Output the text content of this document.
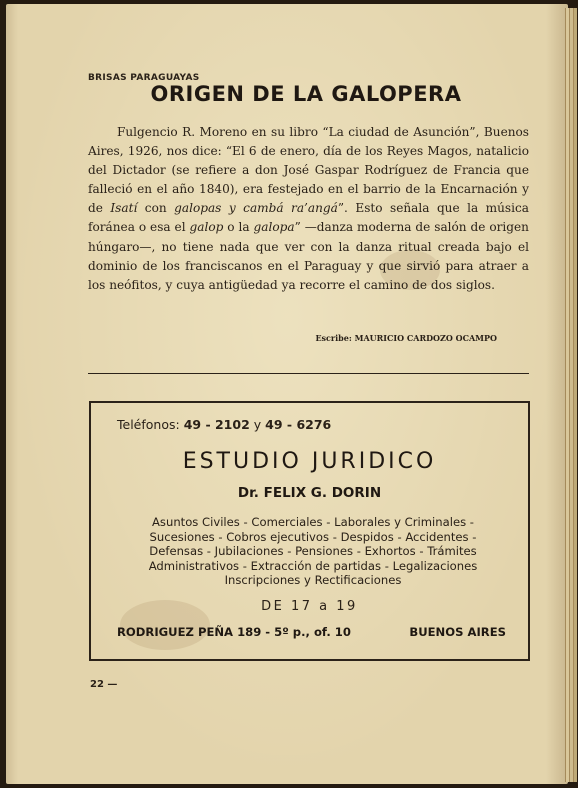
BRISAS PARAGUAYAS
ORIGEN DE LA GALOPERA

Fulgencio R. Moreno en su libro “La ciudad de Asunción”, Buenos Aires, 1926, nos dice: “El 6 de enero, día de los Reyes Magos, natalicio del Dictador (se refiere a don José Gaspar Rodríguez de Francia que falleció en el año 1840), era festejado en el barrio de la Encarnación y de Isatí con galopas y cambá ra’angá”. Esto señala que la música foránea o esa el galop o la galopa” —danza moderna de salón de origen húngaro—, no tiene nada que ver con la danza ritual creada bajo el dominio de los franciscanos en el Paraguay y que sirvió para atraer a los neófitos, y cuya antigüedad ya recorre el camino de dos siglos.

Escribe: MAURICIO CARDOZO OCAMPO
Teléfonos: 49 - 2102 y 49 - 6276
ESTUDIO JURIDICO
Dr. FELIX G. DORIN
Asuntos Civiles - Comerciales - Laborales y Criminales -
Sucesiones - Cobros ejecutivos - Despidos - Accidentes -
Defensas - Jubilaciones - Pensiones - Exhortos - Trámites
Administrativos - Extracción de partidas - Legalizaciones
Inscripciones y Rectificaciones
DE 17 a 19
RODRIGUEZ PEÑA 189 - 5º p., of. 10	BUENOS AIRES
22 —
